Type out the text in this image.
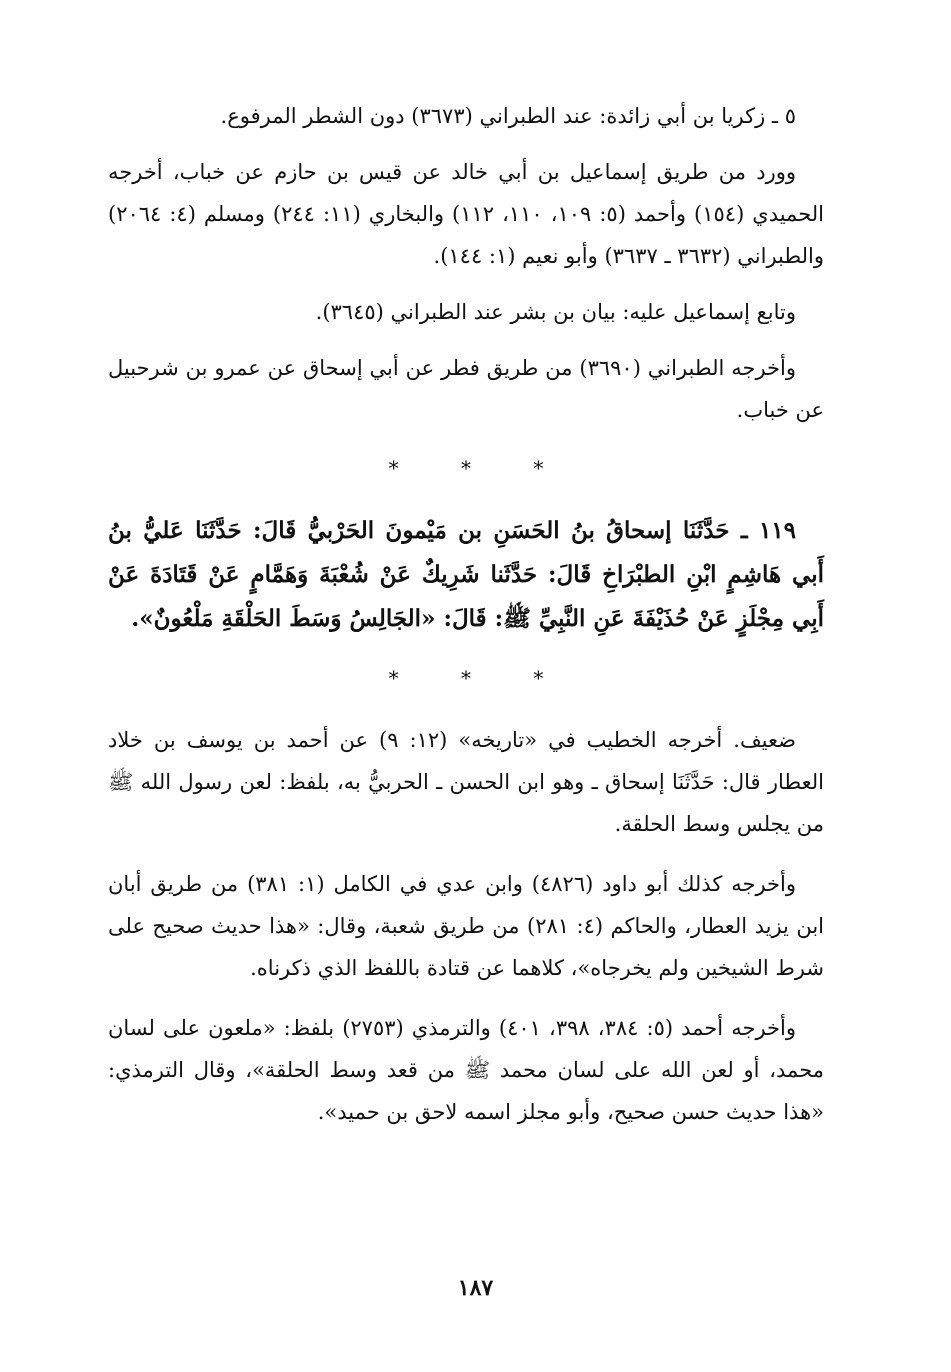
٥ ـ زكريا بن أبي زائدة: عند الطبراني (٣٦٧٣) دون الشطر المرفوع.

وورد من طريق إسماعيل بن أبي خالد عن قيس بن حازم عن خباب، أخرجه الحميدي (١٥٤) وأحمد (٥: ١٠٩، ١١٠، ١١٢) والبخاري (١١: ٢٤٤) ومسلم (٤: ٢٠٦٤) والطبراني (٣٦٣٢ ـ ٣٦٣٧) وأبو نعيم (١: ١٤٤).

وتابع إسماعيل عليه: بيان بن بشر عند الطبراني (٣٦٤٥).

وأخرجه الطبراني (٣٦٩٠) من طريق فطر عن أبي إسحاق عن عمرو بن شرحبيل عن خباب.

* * *

١١٩ ـ حَدَّثَنَا إسحاقُ بنُ الحَسَنِ بن مَيْمونَ الحَرْبيُّ قَالَ: حَدَّثَنَا عَليُّ بنُ أَبي هَاشِمٍ ابْنِ الطبْرَاخِ قَالَ: حَدَّثَنا شَرِيكٌ عَنْ شُعْبَةَ وَهَمَّامٍ عَنْ قَتَادَةَ عَنْ أَبِي مِجْلَزٍ عَنْ حُذَيْفَةَ عَنِ النَّبِيِّ ﷺ: قَالَ: «الجَالِسُ وَسَطَ الحَلْقَةِ مَلْعُونٌ».

* * *

ضعيف. أخرجه الخطيب في «تاريخه» (١٢: ٩) عن أحمد بن يوسف بن خلاد العطار قال: حَدَّثَنَا إسحاق ـ وهو ابن الحسن ـ الحربيُّ به، بلفظ: لعن رسول الله ﷺ من يجلس وسط الحلقة.

وأخرجه كذلك أبو داود (٤٨٢٦) وابن عدي في الكامل (١: ٣٨١) من طريق أبان ابن يزيد العطار، والحاكم (٤: ٢٨١) من طريق شعبة، وقال: «هذا حديث صحيح على شرط الشيخين ولم يخرجاه»، كلاهما عن قتادة باللفظ الذي ذكرناه.

وأخرجه أحمد (٥: ٣٨٤، ٣٩٨، ٤٠١) والترمذي (٢٧٥٣) بلفظ: «ملعون على لسان محمد، أو لعن الله على لسان محمد ﷺ من قعد وسط الحلقة»، وقال الترمذي: «هذا حديث حسن صحيح، وأبو مجلز اسمه لاحق بن حميد».

١٨٧
